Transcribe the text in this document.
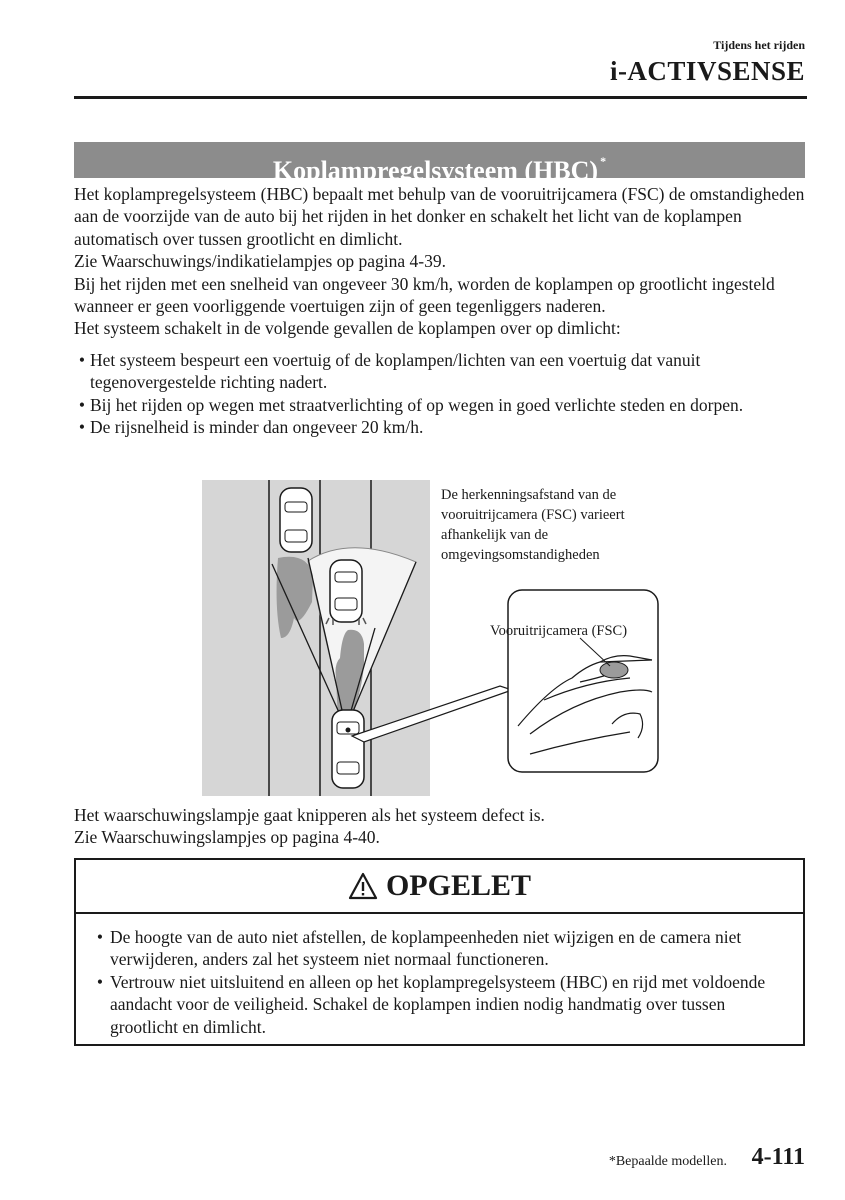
Tijdens het rijden
i-ACTIVSENSE
Koplampregelsysteem (HBC) *

Het koplampregelsysteem (HBC) bepaalt met behulp van de vooruitrijcamera (FSC) de omstandigheden aan de voorzijde van de auto bij het rijden in het donker en schakelt het licht van de koplampen automatisch over tussen grootlicht en dimlicht.

Zie Waarschuwings/indikatielampjes op pagina 4-39.

Bij het rijden met een snelheid van ongeveer 30 km/h, worden de koplampen op grootlicht ingesteld wanneer er geen voorliggende voertuigen zijn of geen tegenliggers naderen.

Het systeem schakelt in de volgende gevallen de koplampen over op dimlicht:

• Het systeem bespeurt een voertuig of de koplampen/lichten van een voertuig dat vanuit tegenovergestelde richting nadert.
• Bij het rijden op wegen met straatverlichting of op wegen in goed verlichte steden en dorpen.
• De rijsnelheid is minder dan ongeveer 20 km/h.
De herkenningsafstand van de vooruitrijcamera (FSC) varieert afhankelijk van de omgevingsomstandigheden
Vooruitrijcamera (FSC)

Het waarschuwingslampje gaat knipperen als het systeem defect is.

Zie Waarschuwingslampjes op pagina 4-40.

OPGELET
• De hoogte van de auto niet afstellen, de koplampeenheden niet wijzigen en de camera niet verwijderen, anders zal het systeem niet normaal functioneren.
• Vertrouw niet uitsluitend en alleen op het koplampregelsysteem (HBC) en rijd met voldoende aandacht voor de veiligheid. Schakel de koplampen indien nodig handmatig over tussen grootlicht en dimlicht.
*Bepaalde modellen. 4-111
